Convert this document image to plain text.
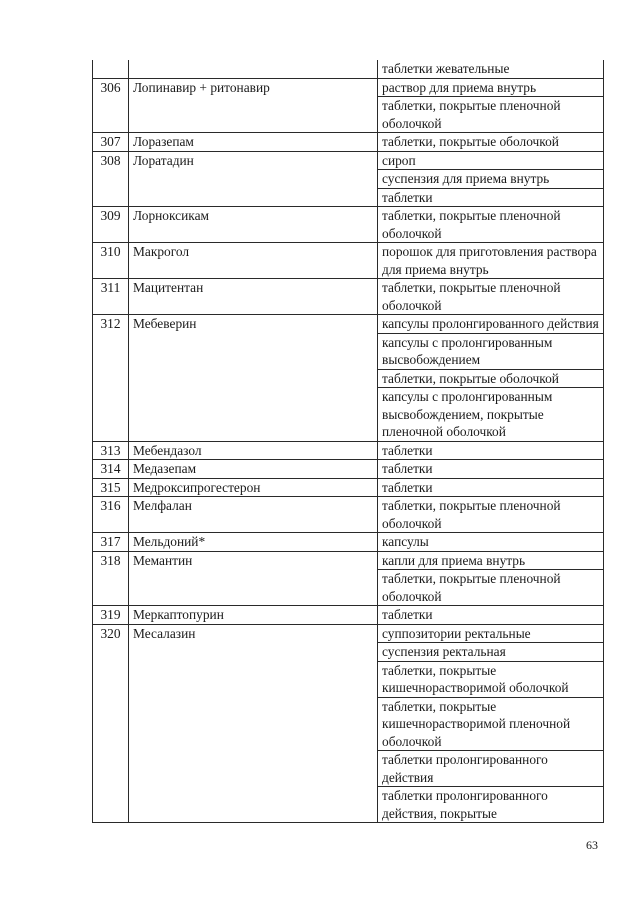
		таблетки жевательные
306	Лопинавир + ритонавир	раствор для приема внутрь
		таблетки, покрытые пленочной оболочкой
307	Лоразепам	таблетки, покрытые оболочкой
308	Лоратадин	сироп
		суспензия для приема внутрь
		таблетки
309	Лорноксикам	таблетки, покрытые пленочной оболочкой
310	Макрогол	порошок для приготовления раствора для приема внутрь
311	Мацитентан	таблетки, покрытые пленочной оболочкой
312	Мебеверин	капсулы пролонгированного действия
		капсулы с пролонгированным высвобождением
		таблетки, покрытые оболочкой
		капсулы с пролонгированным высвобождением, покрытые пленочной оболочкой
313	Мебендазол	таблетки
314	Медазепам	таблетки
315	Медроксипрогестерон	таблетки
316	Мелфалан	таблетки, покрытые пленочной оболочкой
317	Мельдоний*	капсулы
318	Мемантин	капли для приема внутрь
		таблетки, покрытые пленочной оболочкой
319	Меркаптопурин	таблетки
320	Месалазин	суппозитории ректальные
		суспензия ректальная
		таблетки, покрытые кишечнорастворимой оболочкой
		таблетки, покрытые кишечнорастворимой пленочной оболочкой
		таблетки пролонгированного действия
		таблетки пролонгированного действия, покрытые
63
